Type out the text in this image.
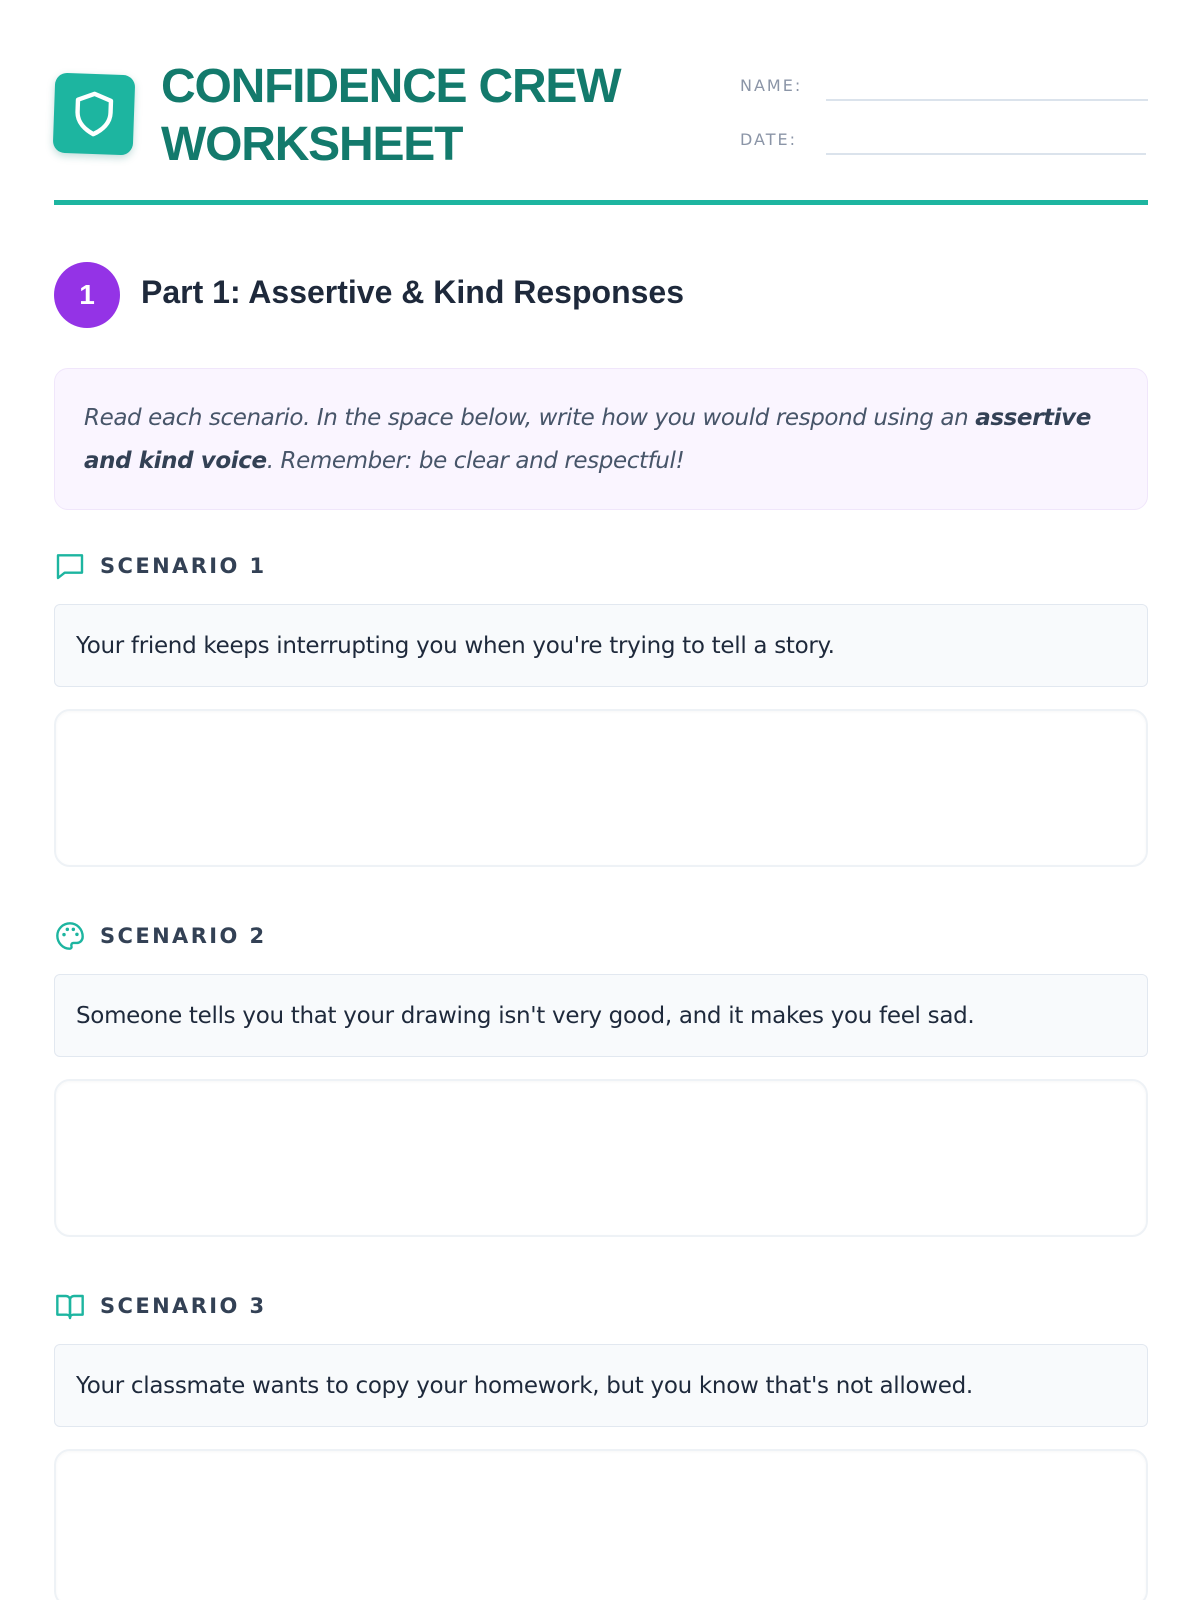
CONFIDENCE CREW
WORKSHEET
NAME:
DATE:
1	Part 1: Assertive & Kind Responses
Read each scenario. In the space below, write how you would respond using an assertive and kind voice. Remember: be clear and respectful!
SCENARIO 1
Your friend keeps interrupting you when you're trying to tell a story.
SCENARIO 2
Someone tells you that your drawing isn't very good, and it makes you feel sad.
SCENARIO 3
Your classmate wants to copy your homework, but you know that's not allowed.
